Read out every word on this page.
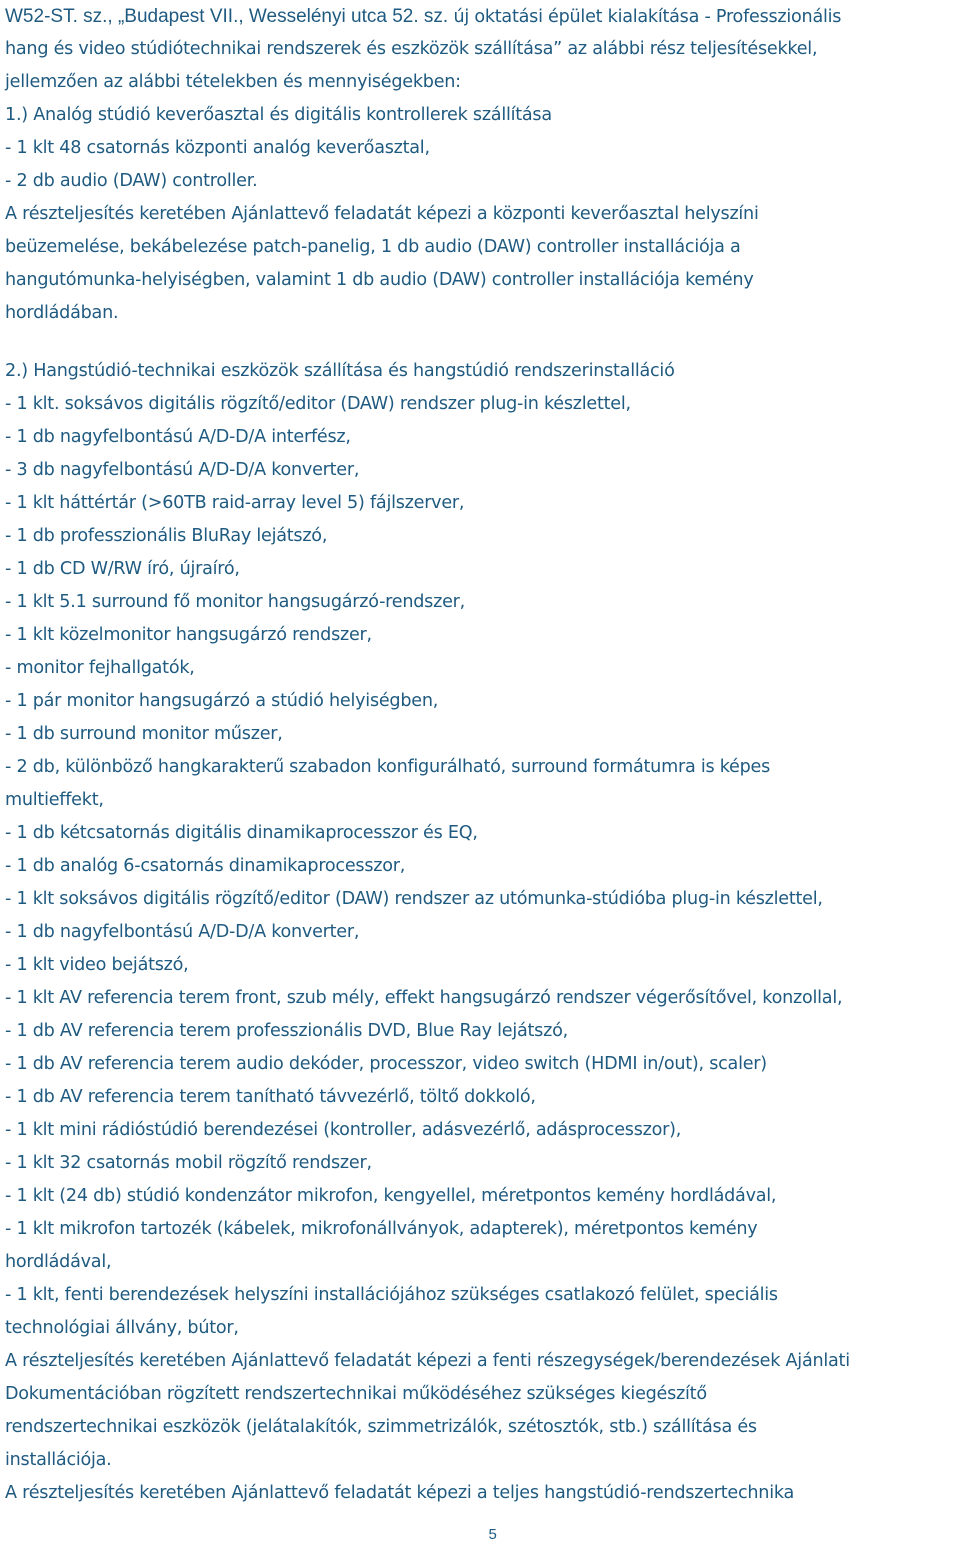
W52-ST. sz., „Budapest VII., Wesselényi utca 52. sz. új oktatási épület kialakítása - Professzionális
hang és video stúdiótechnikai rendszerek és eszközök szállítása” az alábbi rész teljesítésekkel,
jellemzően az alábbi tételekben és mennyiségekben:
1.) Analóg stúdió keverőasztal és digitális kontrollerek szállítása
- 1 klt 48 csatornás központi analóg keverőasztal,
- 2 db audio (DAW) controller.
A részteljesítés keretében Ajánlattevő feladatát képezi a központi keverőasztal helyszíni
beüzemelése, bekábelezése patch-panelig, 1 db audio (DAW) controller installációja a
hangutómunka-helyiségben, valamint 1 db audio (DAW) controller installációja kemény
hordládában.
2.) Hangstúdió-technikai eszközök szállítása és hangstúdió rendszerinstalláció
- 1 klt. soksávos digitális rögzítő/editor (DAW) rendszer plug-in készlettel,
- 1 db nagyfelbontású A/D-D/A interfész,
- 3 db nagyfelbontású A/D-D/A konverter,
- 1 klt háttértár (>60TB raid-array level 5) fájlszerver,
- 1 db professzionális BluRay lejátszó,
- 1 db CD W/RW író, újraíró,
- 1 klt 5.1 surround fő monitor hangsugárzó-rendszer,
- 1 klt közelmonitor hangsugárzó rendszer,
- monitor fejhallgatók,
- 1 pár monitor hangsugárzó a stúdió helyiségben,
- 1 db surround monitor műszer,
- 2 db, különböző hangkarakterű szabadon konfigurálható, surround formátumra is képes
multieffekt,
- 1 db kétcsatornás digitális dinamikaprocesszor és EQ,
- 1 db analóg 6-csatornás dinamikaprocesszor,
- 1 klt soksávos digitális rögzítő/editor (DAW) rendszer az utómunka-stúdióba plug-in készlettel,
- 1 db nagyfelbontású A/D-D/A konverter,
- 1 klt video bejátszó,
- 1 klt AV referencia terem front, szub mély, effekt hangsugárzó rendszer végerősítővel, konzollal,
- 1 db AV referencia terem professzionális DVD, Blue Ray lejátszó,
- 1 db AV referencia terem audio dekóder, processzor, video switch (HDMI in/out), scaler)
- 1 db AV referencia terem tanítható távvezérlő, töltő dokkoló,
- 1 klt mini rádióstúdió berendezései (kontroller, adásvezérlő, adásprocesszor),
- 1 klt 32 csatornás mobil rögzítő rendszer,
- 1 klt (24 db) stúdió kondenzátor mikrofon, kengyellel, méretpontos kemény hordládával,
- 1 klt mikrofon tartozék (kábelek, mikrofonállványok, adapterek), méretpontos kemény
hordládával,
- 1 klt, fenti berendezések helyszíni installációjához szükséges csatlakozó felület, speciális
technológiai állvány, bútor,
A részteljesítés keretében Ajánlattevő feladatát képezi a fenti részegységek/berendezések Ajánlati
Dokumentációban rögzített rendszertechnikai működéséhez szükséges kiegészítő
rendszertechnikai eszközök (jelátalakítók, szimmetrizálók, szétosztók, stb.) szállítása és
installációja.
A részteljesítés keretében Ajánlattevő feladatát képezi a teljes hangstúdió-rendszertechnika
5
